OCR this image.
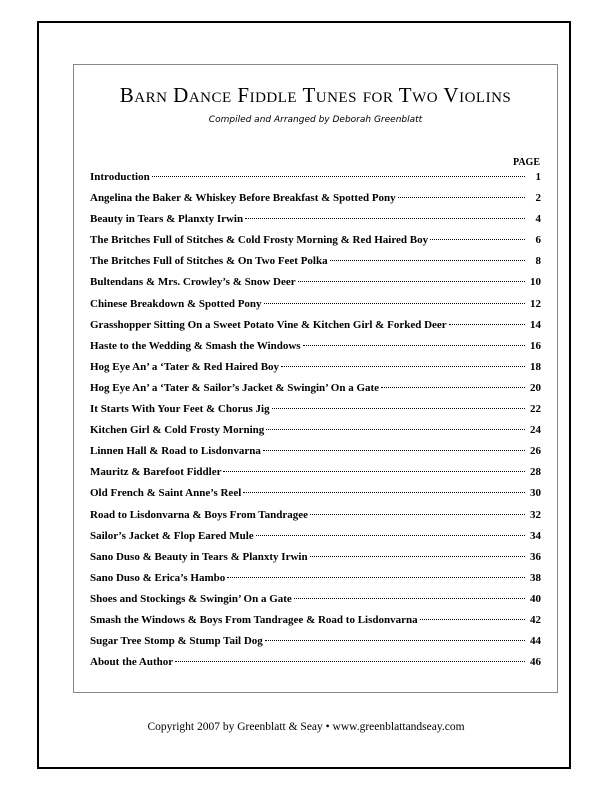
Barn Dance Fiddle Tunes for Two Violins
Compiled and Arranged by Deborah Greenblatt
PAGE
Introduction	1
Angelina the Baker & Whiskey Before Breakfast & Spotted Pony	2
Beauty in Tears & Planxty Irwin	4
The Britches Full of Stitches & Cold Frosty Morning & Red Haired Boy	6
The Britches Full of Stitches & On Two Feet Polka	8
Bultendans & Mrs. Crowley’s & Snow Deer	10
Chinese Breakdown & Spotted Pony	12
Grasshopper Sitting On a Sweet Potato Vine & Kitchen Girl & Forked Deer	14
Haste to the Wedding & Smash the Windows	16
Hog Eye An’ a ‘Tater & Red Haired Boy	18
Hog Eye An’ a ‘Tater & Sailor’s Jacket & Swingin’ On a Gate	20
It Starts With Your Feet & Chorus Jig	22
Kitchen Girl & Cold Frosty Morning	24
Linnen Hall & Road to Lisdonvarna	26
Mauritz & Barefoot Fiddler	28
Old French & Saint Anne’s Reel	30
Road to Lisdonvarna & Boys From Tandragee	32
Sailor’s Jacket & Flop Eared Mule	34
Sano Duso & Beauty in Tears & Planxty Irwin	36
Sano Duso & Erica’s Hambo	38
Shoes and Stockings & Swingin’ On a Gate	40
Smash the Windows & Boys From Tandragee & Road to Lisdonvarna	42
Sugar Tree Stomp & Stump Tail Dog	44
About the Author	46
Copyright 2007 by Greenblatt & Seay • www.greenblattandseay.com
